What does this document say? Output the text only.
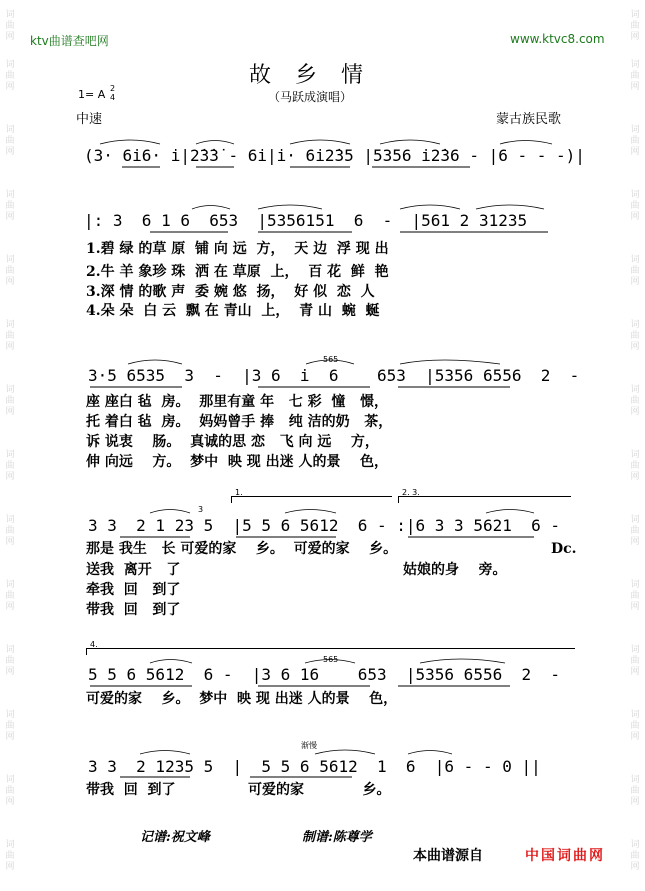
词曲网
词曲网
词曲网
词曲网
词曲网
词曲网
词曲网
词曲网
词曲网
词曲网
词曲网
词曲网
词曲网
词曲网
词曲网
词曲网
词曲网
词曲网
词曲网
词曲网
词曲网
词曲网
词曲网
词曲网
词曲网
词曲网
词曲网
词曲网
ktv曲谱查吧网	www.ktvc8.com
故乡情
（马跃成演唱）
1= A 2
4
中速	蒙古族民歌
(3· 6i6· i|2̇3̇3̇ - 6i|i· 6i2̇35 |5356 i2̇36 - |6 - - -)|
|: 3  6 1 6  653  |5356151  6  -  |561 2 31235
1.碧 绿 的草 原  铺 向 远  方，  天 边  浮 现 出
2.牛 羊 象珍 珠  洒 在 草原  上，  百 花  鲜  艳
3.深 情 的歌 声  委 婉 悠  扬，  好 似  恋  人
4.朵 朵  白 云  飘 在 青山  上，  青 山  蜿  蜒
565
3·5 6535  3  -  |3 6  i  6    653  |5356 6556  2  -
座 座白 毡  房。  那里有童 年   七 彩  憧   憬，
托 着白 毡  房。  妈妈曾手 捧   纯 洁的奶   茶，
诉 说衷    肠。  真诚的思 恋   飞 向 远    方，
伸 向远    方。  梦中  映 现 出迷 人的景    色，
1.	2. 3.
3
3 3  2 1 23 5  |5 5 6 5612  6 - :|6 3 3 5621  6 -
那是 我生   长 可爱的家    乡。  可爱的家    乡。	Dc.
送我  离开   了	姑娘的身    旁。
牵我  回   到了
带我  回   到了
4.
565
5 5 6 5612  6 -  |3 6 16    653  |5356 6556  2  -
可爱的家    乡。  梦中  映 现 出迷 人的景    色，
渐慢
3 3  2 1235 5  |  5 5 6 5612  1  6  |6 - - 0 ||
带我  回  到了	可爱的家            乡。
记谱:祝文峰	制谱:陈尊学
本曲谱源自	中国词曲网
